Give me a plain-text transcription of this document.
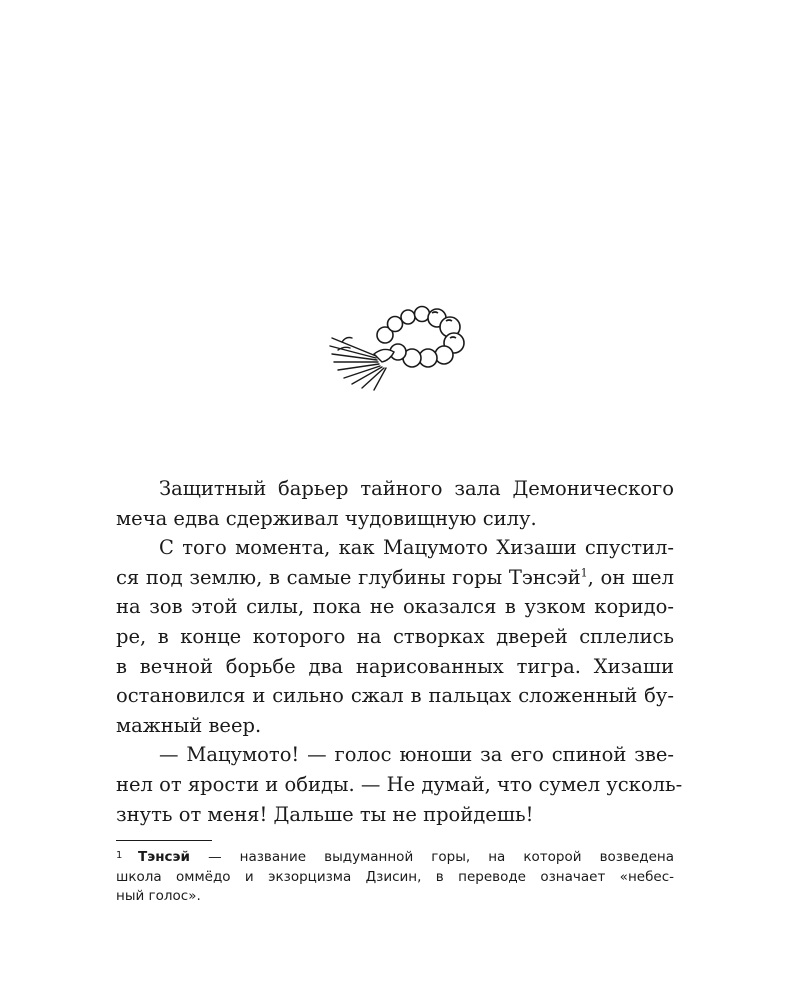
Защитный барьер тайного зала Демонического
меча едва сдерживал чудовищную силу.
С того момента, как Мацумото Хизаши спустил-
ся под землю, в самые глубины горы Тэнсэй$^1$, он шел
на зов этой силы, пока не оказался в узком коридо-
ре, в конце которого на створках дверей сплелись
в вечной борьбе два нарисованных тигра. Хизаши
остановился и сильно сжал в пальцах сложенный бу-
мажный веер.
— Мацумото! — голос юноши за его спиной зве-
нел от ярости и обиды. — Не думай, что сумел усколь-
знуть от меня! Дальше ты не пройдешь!
1 Тэнсэй — название выдуманной горы, на которой возведена
школа оммёдо и экзорцизма Дзисин, в переводе означает «небес-
ный голос».
